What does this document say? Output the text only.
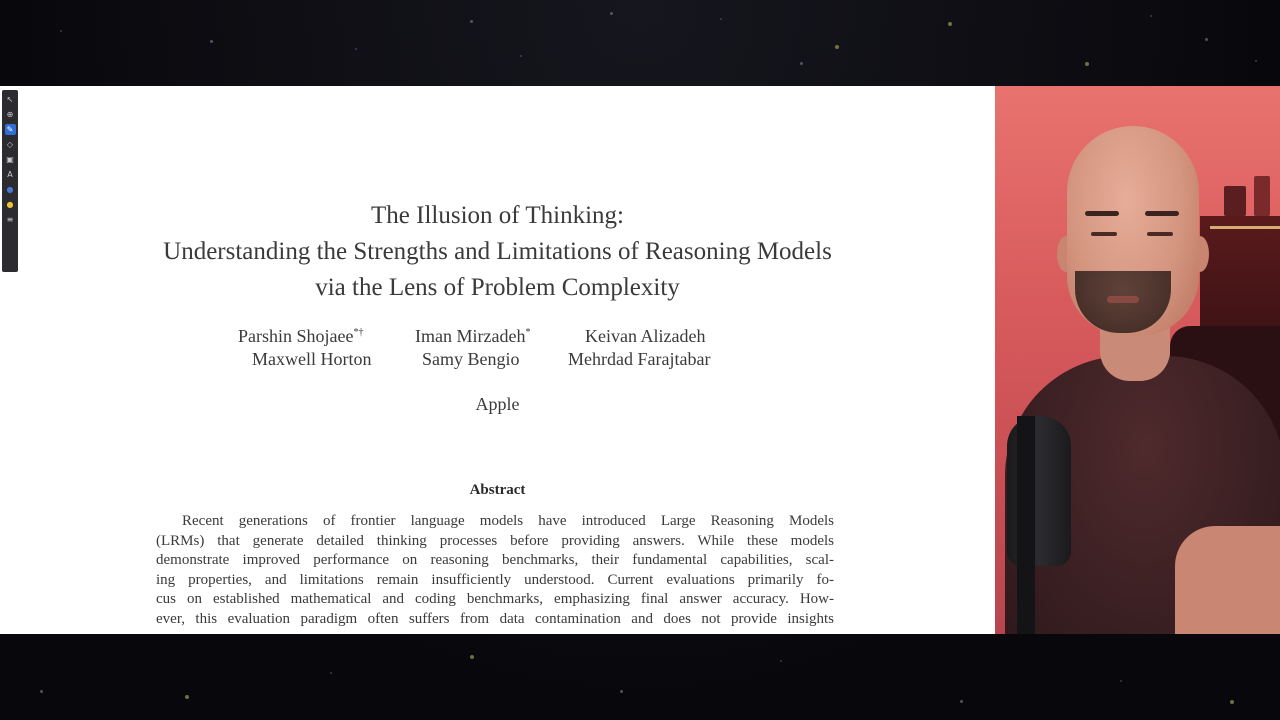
↖
⊕
✎
◇
▣
A
●
●
≡	The Illusion of Thinking:
Understanding the Strengths and Limitations of Reasoning Models
via the Lens of Problem Complexity
Parshin Shojaee*†	Iman Mirzadeh*	Keivan Alizadeh
Maxwell Horton	Samy Bengio	Mehrdad Farajtabar
Apple
Abstract
Recent generations of frontier language models have introduced Large Reasoning Models
(LRMs) that generate detailed thinking processes before providing answers. While these models
demonstrate improved performance on reasoning benchmarks, their fundamental capabilities, scal-
ing properties, and limitations remain insufficiently understood. Current evaluations primarily fo-
cus on established mathematical and coding benchmarks, emphasizing final answer accuracy. How-
ever, this evaluation paradigm often suffers from data contamination and does not provide insights
